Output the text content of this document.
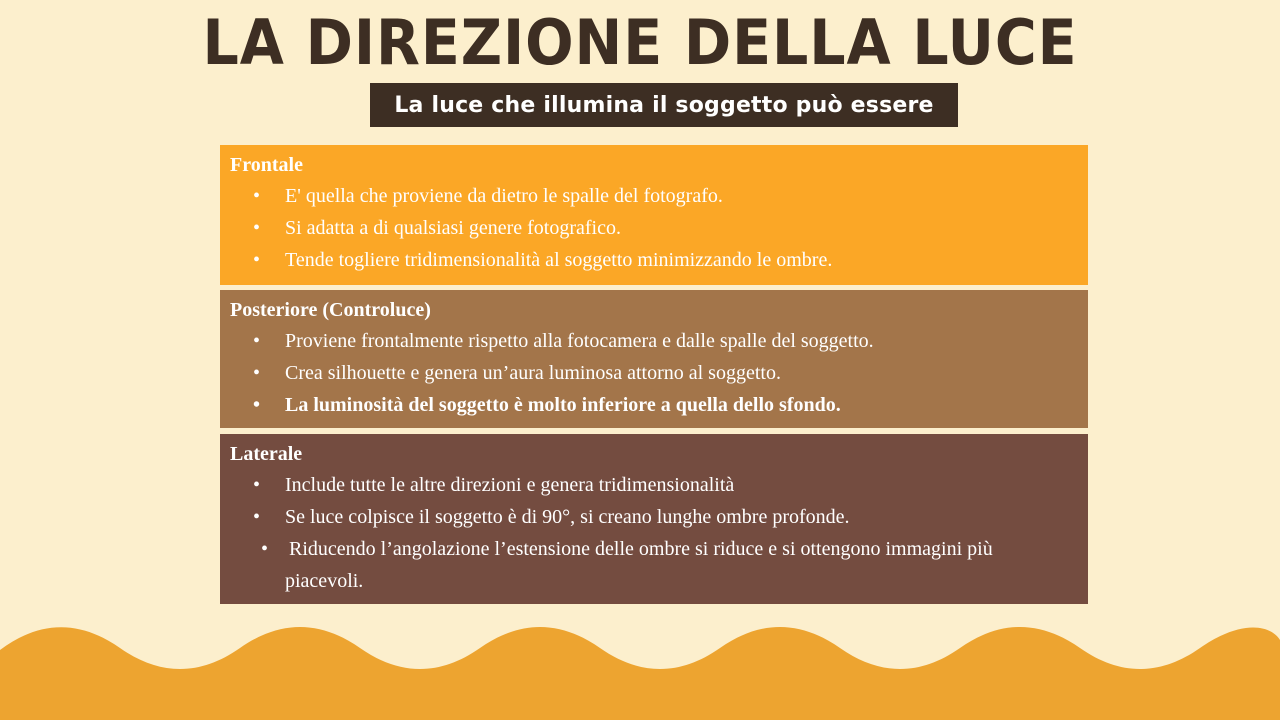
LA DIREZIONE DELLA LUCE
La luce che illumina il soggetto può essere
Frontale
• E' quella che proviene da dietro le spalle del fotografo.
• Si adatta a di qualsiasi genere fotografico.
• Tende togliere tridimensionalità al soggetto minimizzando le ombre.
Posteriore (Controluce)
• Proviene frontalmente rispetto alla fotocamera e dalle spalle del soggetto.
• Crea silhouette e genera un’aura luminosa attorno al soggetto.
• La luminosità del soggetto è molto inferiore a quella dello sfondo.
Laterale
• Include tutte le altre direzioni e genera tridimensionalità
• Se luce colpisce il soggetto è di 90°, si creano lunghe ombre profonde.
• Riducendo l’angolazione l’estensione delle ombre si riduce e si ottengono immagini più piacevoli.
